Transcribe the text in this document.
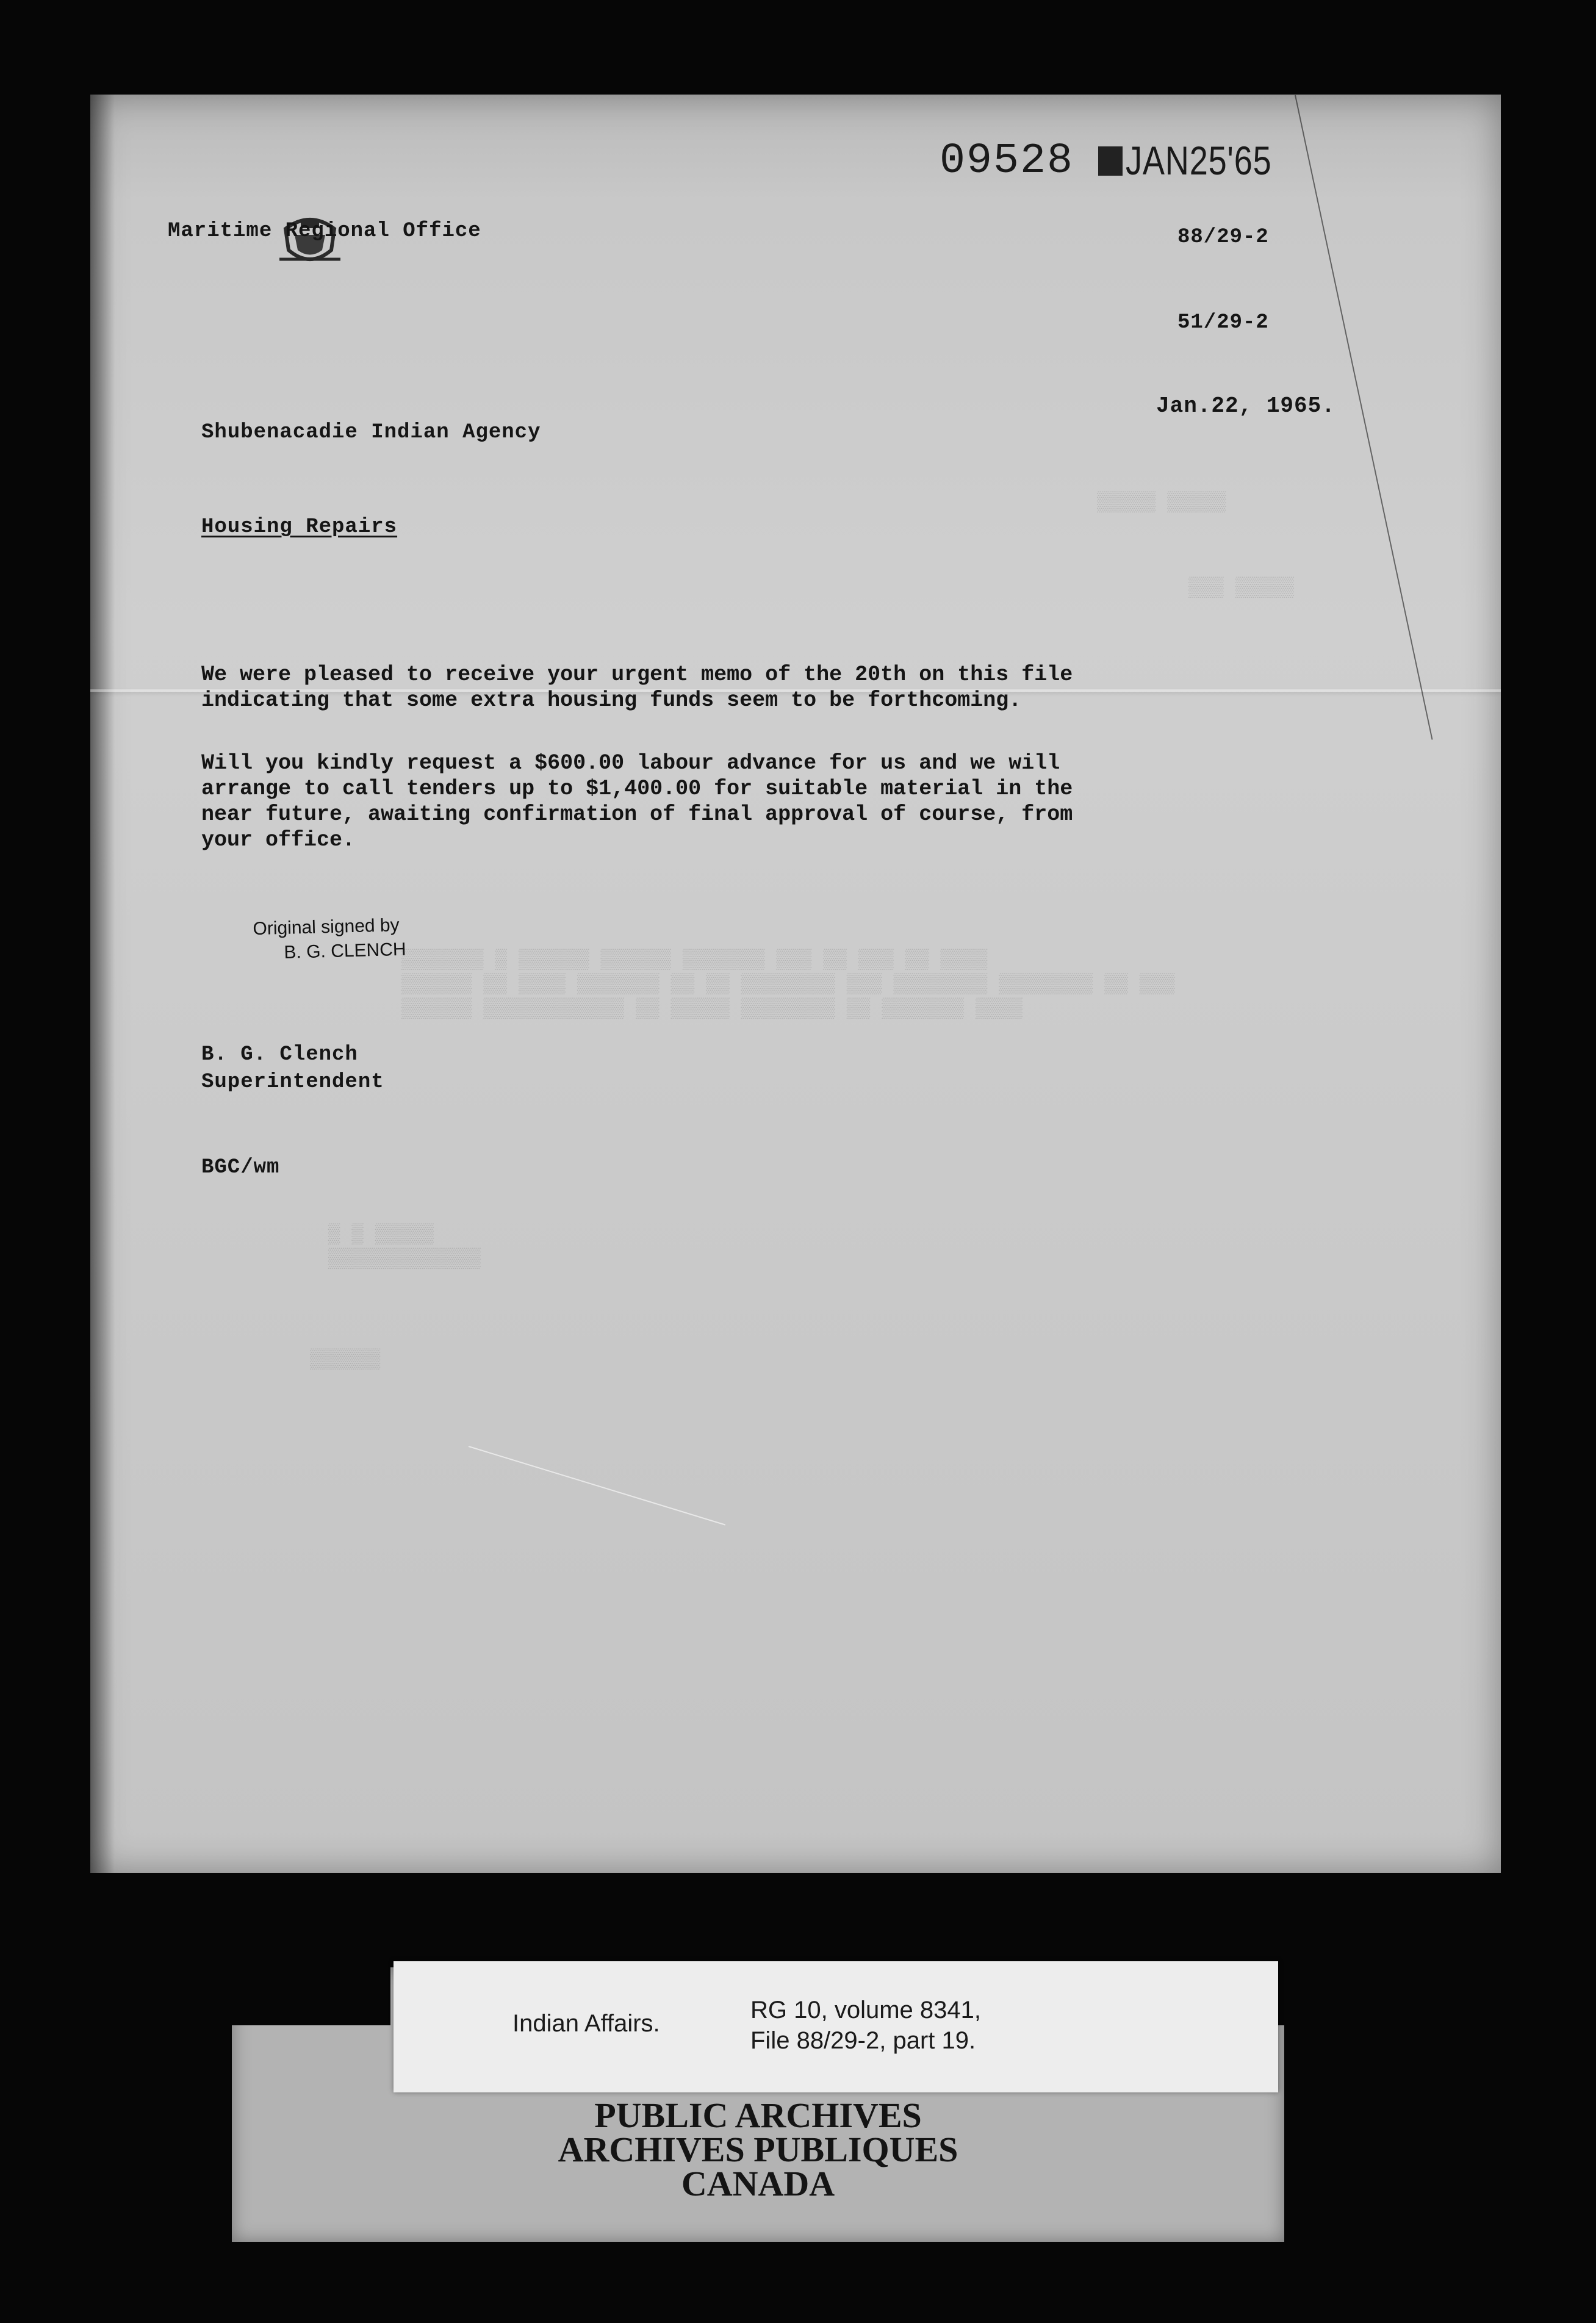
▒▒▒▒▒ ▒▒▒▒▒
▒▒▒ ▒▒▒▒▒
▒▒▒▒▒▒▒ ▒ ▒▒▒▒▒▒ ▒▒▒▒▒▒ ▒▒▒▒▒▒▒ ▒▒▒ ▒▒ ▒▒▒ ▒▒ ▒▒▒▒
▒▒▒▒▒▒ ▒▒ ▒▒▒▒ ▒▒▒▒▒▒▒ ▒▒ ▒▒ ▒▒▒▒▒▒▒▒ ▒▒▒ ▒▒▒▒▒▒▒▒ ▒▒▒▒▒▒▒▒ ▒▒ ▒▒▒
▒▒▒▒▒▒ ▒▒▒▒▒▒▒▒▒▒▒▒ ▒▒ ▒▒▒▒▒ ▒▒▒▒▒▒▒▒ ▒▒ ▒▒▒▒▒▒▒ ▒▒▒▒
▒ ▒ ▒▒▒▒▒
▒▒▒▒▒▒▒▒▒▒▒▒▒
▒▒▒▒▒▒
09528 JAN25'65
Maritime Regional Office	88/29-2
51/29-2
Jan.22, 1965.
Shubenacadie Indian Agency
Housing Repairs
We were pleased to receive your urgent memo of the 20th on this file
indicating that some extra housing funds seem to be forthcoming.
Will you kindly request a $600.00 labour advance for us and we will
arrange to call tenders up to $1,400.00 for suitable material in the
near future, awaiting confirmation of final approval of course, from
your office.
Original signed by
B. G. CLENCH
B. G. Clench
Superintendent
BGC/wm
Indian Affairs.	RG 10, volume 8341,
File 88/29-2, part 19.
PUBLIC ARCHIVES
ARCHIVES PUBLIQUES
CANADA
